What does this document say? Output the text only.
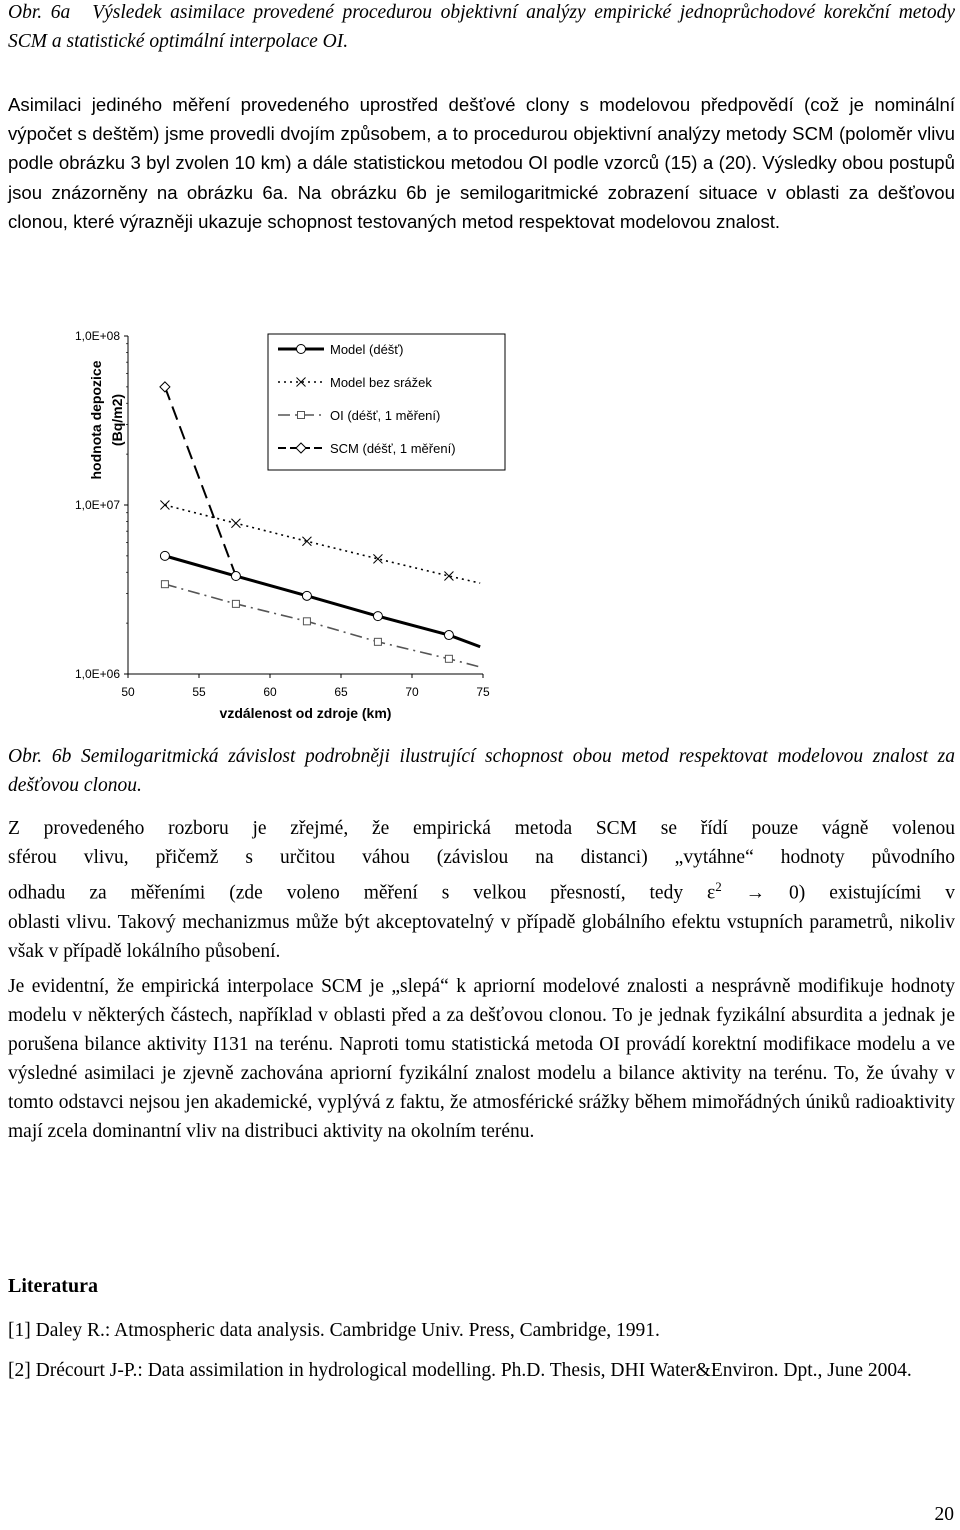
Obr. 6a Výsledek asimilace provedené procedurou objektivní analýzy empirické jednoprůchodové korekční metody SCM a statistické optimální interpolace OI.

Asimilaci jediného měření provedeného uprostřed dešťové clony s modelovou předpovědí (což je nominální výpočet s deštěm) jsme provedli dvojím způsobem, a to procedurou objektivní analýzy metody SCM (poloměr vlivu podle obrázku 3 byl zvolen 10 km) a dále statistickou metodou OI podle vzorců (15) a (20). Výsledky obou postupů jsou znázorněny na obrázku 6a. Na obrázku 6b je semilogaritmické zobrazení situace v oblasti za dešťovou clonou, které výrazněji ukazuje schopnost testovaných metod respektovat modelovou znalost.

Model (déšť)
Model bez srážek
OI (déšť, 1 měření)
SCM (déšť, 1 měření)
1,0E+08
1,0E+07
1,0E+06
50	55	60	65	70	75
vzdálenost od zdroje (km)
hodnota depozice (Bq/m2)

Obr. 6b Semilogaritmická závislost podrobněji ilustrující schopnost obou metod respektovat modelovou znalost za dešťovou clonou.

Z provedeného rozboru je zřejmé, že empirická metoda SCM se řídí pouze vágně volenou
sférou vlivu, přičemž s určitou váhou (závislou na distanci) „vytáhne“ hodnoty původního
odhadu za měřeními (zde voleno měření s velkou přesností, tedy $\varepsilon^2 \to 0$) existujícími v
oblasti vlivu. Takový mechanizmus může být akceptovatelný v případě globálního efektu vstupních parametrů, nikoliv však v případě lokálního působení.

Je evidentní, že empirická interpolace SCM je „slepá“ k apriorní modelové znalosti a nesprávně modifikuje hodnoty modelu v některých částech, například v oblasti před a za dešťovou clonou. To je jednak fyzikální absurdita a jednak je porušena bilance aktivity I131 na terénu. Naproti tomu statistická metoda OI provádí korektní modifikace modelu a ve výsledné asimilaci je zjevně zachována apriorní fyzikální znalost modelu a bilance aktivity na terénu. To, že úvahy v tomto odstavci nejsou jen akademické, vyplývá z faktu, že atmosférické srážky během mimořádných úniků radioaktivity mají zcela dominantní vliv na distribuci aktivity na okolním terénu.

Literatura

[1] Daley R.: Atmospheric data analysis. Cambridge Univ. Press, Cambridge, 1991.

[2] Drécourt J-P.: Data assimilation in hydrological modelling. Ph.D. Thesis, DHI Water&Environ. Dpt., June 2004.

20
